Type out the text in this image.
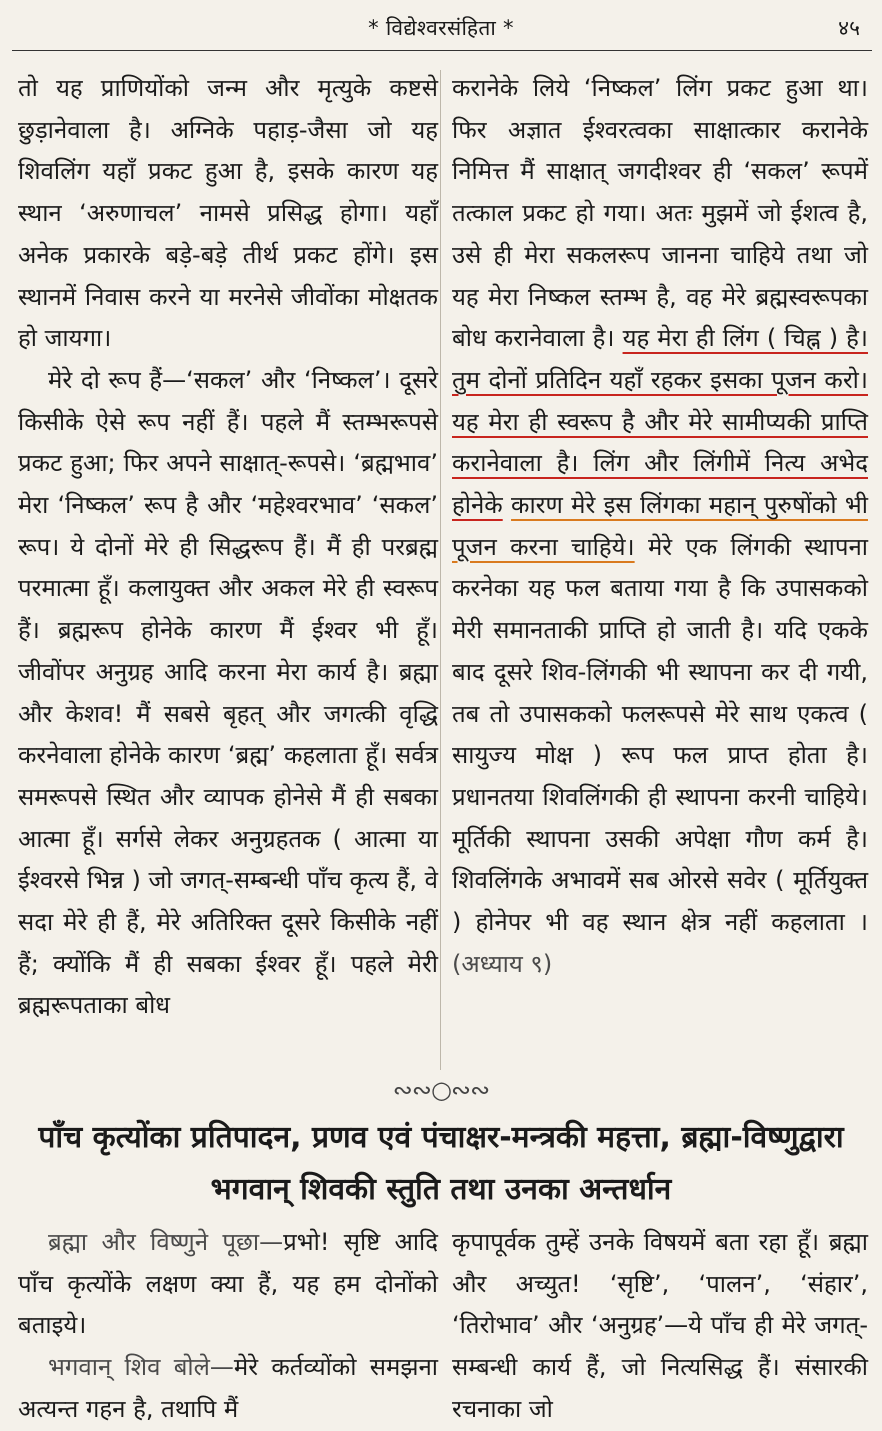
* विद्येश्वरसंहिता *	४५

तो यह प्राणियोंको जन्म और मृत्युके कष्टसे छुड़ानेवाला है। अग्निके पहाड़-जैसा जो यह शिवलिंग यहाँ प्रकट हुआ है, इसके कारण यह स्थान ‘अरुणाचल’ नामसे प्रसिद्ध होगा। यहाँ अनेक प्रकारके बड़े-बड़े तीर्थ प्रकट होंगे। इस स्थानमें निवास करने या मरनेसे जीवोंका मोक्षतक हो जायगा।

मेरे दो रूप हैं—‘सकल’ और ‘निष्कल’। दूसरे किसीके ऐसे रूप नहीं हैं। पहले मैं स्तम्भरूपसे प्रकट हुआ; फिर अपने साक्षात्-रूपसे। ‘ब्रह्मभाव’ मेरा ‘निष्कल’ रूप है और ‘महेश्वरभाव’ ‘सकल’ रूप। ये दोनों मेरे ही सिद्धरूप हैं। मैं ही परब्रह्म परमात्मा हूँ। कलायुक्त और अकल मेरे ही स्वरूप हैं। ब्रह्मरूप होनेके कारण मैं ईश्वर भी हूँ। जीवोंपर अनुग्रह आदि करना मेरा कार्य है। ब्रह्मा और केशव! मैं सबसे बृहत् और जगत्की वृद्धि करनेवाला होनेके कारण ‘ब्रह्म’ कहलाता हूँ। सर्वत्र समरूपसे स्थित और व्यापक होनेसे मैं ही सबका आत्मा हूँ। सर्गसे लेकर अनुग्रहतक ( आत्मा या ईश्वरसे भिन्न ) जो जगत्-सम्बन्धी पाँच कृत्य हैं, वे सदा मेरे ही हैं, मेरे अतिरिक्त दूसरे किसीके नहीं हैं; क्योंकि मैं ही सबका ईश्वर हूँ। पहले मेरी ब्रह्मरूपताका बोध

करानेके लिये ‘निष्कल’ लिंग प्रकट हुआ था। फिर अज्ञात ईश्वरत्वका साक्षात्कार करानेके निमित्त मैं साक्षात् जगदीश्वर ही ‘सकल’ रूपमें तत्काल प्रकट हो गया। अतः मुझमें जो ईशत्व है, उसे ही मेरा सकलरूप जानना चाहिये तथा जो यह मेरा निष्कल स्तम्भ है, वह मेरे ब्रह्मस्वरूपका बोध करानेवाला है। यह मेरा ही लिंग ( चिह्न ) है। तुम दोनों प्रतिदिन यहाँ रहकर इसका पूजन करो। यह मेरा ही स्वरूप है और मेरे सामीप्यकी प्राप्ति करानेवाला है। लिंग और लिंगीमें नित्य अभेद होनेके कारण मेरे इस लिंगका महान् पुरुषोंको भी पूजन करना चाहिये। मेरे एक लिंगकी स्थापना करनेका यह फल बताया गया है कि उपासकको मेरी समानताकी प्राप्ति हो जाती है। यदि एकके बाद दूसरे शिव-लिंगकी भी स्थापना कर दी गयी, तब तो उपासकको फलरूपसे मेरे साथ एकत्व ( सायुज्य मोक्ष ) रूप फल प्राप्त होता है। प्रधानतया शिवलिंगकी ही स्थापना करनी चाहिये। मूर्तिकी स्थापना उसकी अपेक्षा गौण कर्म है। शिवलिंगके अभावमें सब ओरसे सवेर ( मूर्तियुक्त ) होनेपर भी वह स्थान क्षेत्र नहीं कहलाता । (अध्याय ९)

∾∾○∾∾
पाँच कृत्योंका प्रतिपादन, प्रणव एवं पंचाक्षर-मन्त्रकी महत्ता, ब्रह्मा-विष्णुद्वारा भगवान् शिवकी स्तुति तथा उनका अन्तर्धान

ब्रह्मा और विष्णुने पूछा—प्रभो! सृष्टि आदि पाँच कृत्योंके लक्षण क्या हैं, यह हम दोनोंको बताइये।

भगवान् शिव बोले—मेरे कर्तव्योंको समझना अत्यन्त गहन है, तथापि मैं

कृपापूर्वक तुम्हें उनके विषयमें बता रहा हूँ। ब्रह्मा और अच्युत! ‘सृष्टि’, ‘पालन’, ‘संहार’, ‘तिरोभाव’ और ‘अनुग्रह’—ये पाँच ही मेरे जगत्-सम्बन्धी कार्य हैं, जो नित्यसिद्ध हैं। संसारकी रचनाका जो
